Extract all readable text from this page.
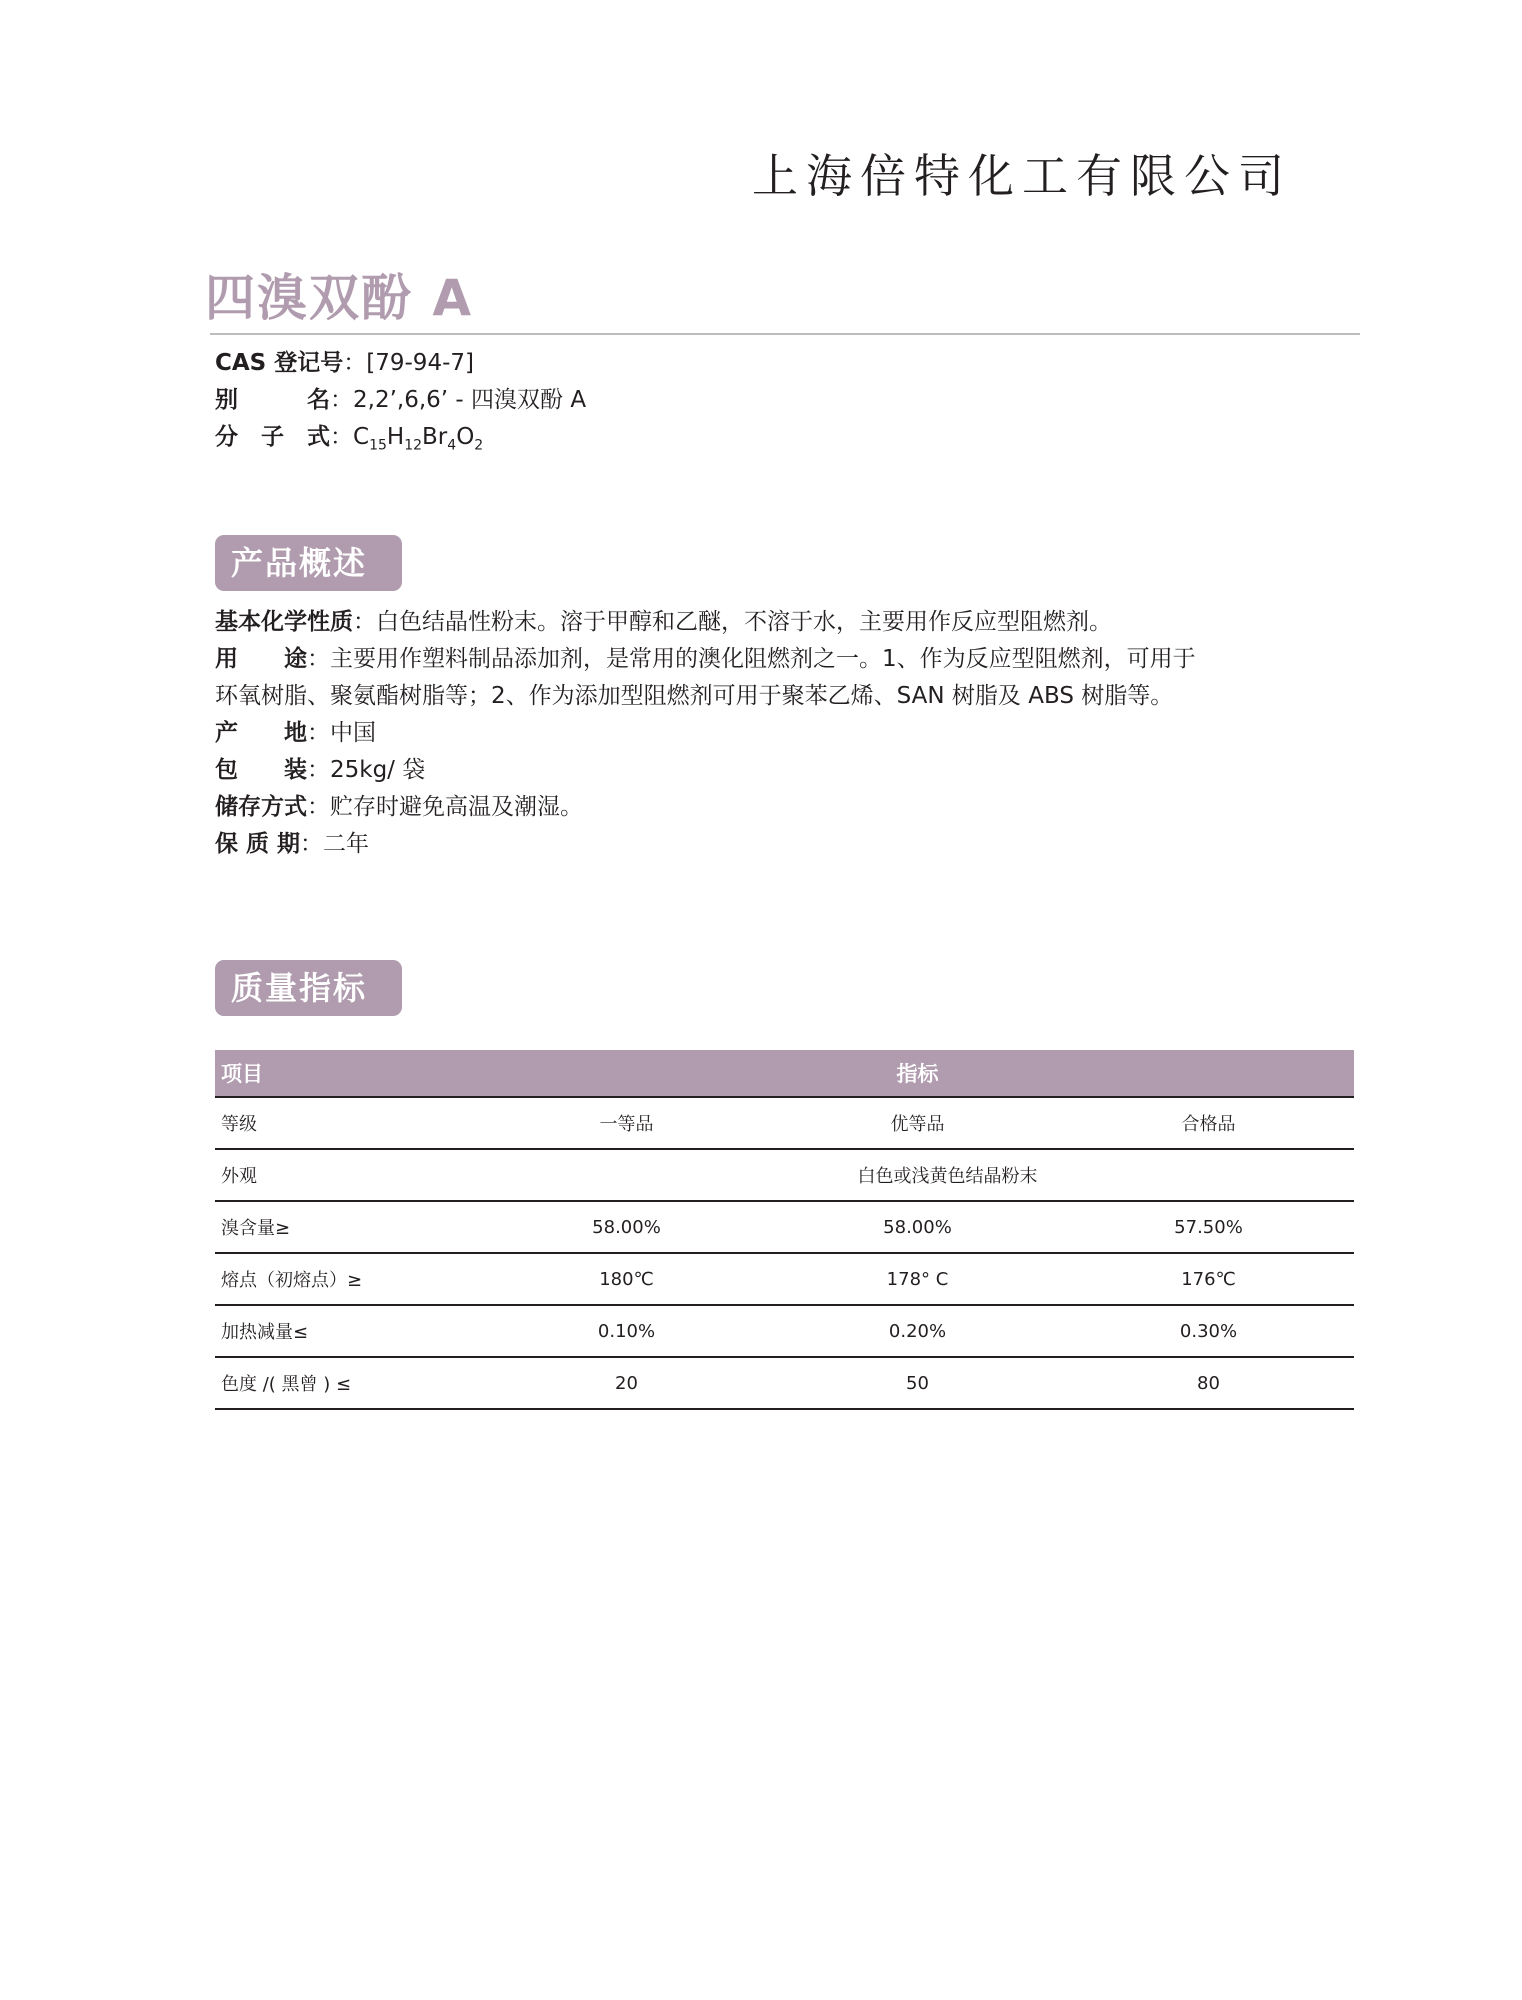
上海倍特化工有限公司
四溴双酚 A
CAS 登记号：[79-94-7]
别　　　名：2,2’,6,6’ - 四溴双酚 A
分　子　式：$C_{15}H_{12}Br_4O_2$
产品概述
基本化学性质：白色结晶性粉末。溶于甲醇和乙醚，不溶于水，主要用作反应型阻燃剂。
用　　途：主要用作塑料制品添加剂，是常用的澳化阻燃剂之一。1、作为反应型阻燃剂，可用于
环氧树脂、聚氨酯树脂等；2、作为添加型阻燃剂可用于聚苯乙烯、SAN 树脂及 ABS 树脂等。
产　　地：中国
包　　装：25kg/ 袋
储存方式：贮存时避免高温及潮湿。
保 质 期：二年
质量指标
项目	指标		
等级	一等品	优等品	合格品
外观	白色或浅黄色结晶粉末		
溴含量≥	58.00%	58.00%	57.50%
熔点（初熔点）≥	180℃	178° C	176℃
加热减量≤	0.10%	0.20%	0.30%
色度 /( 黑曾 ) ≤	20	50	80
